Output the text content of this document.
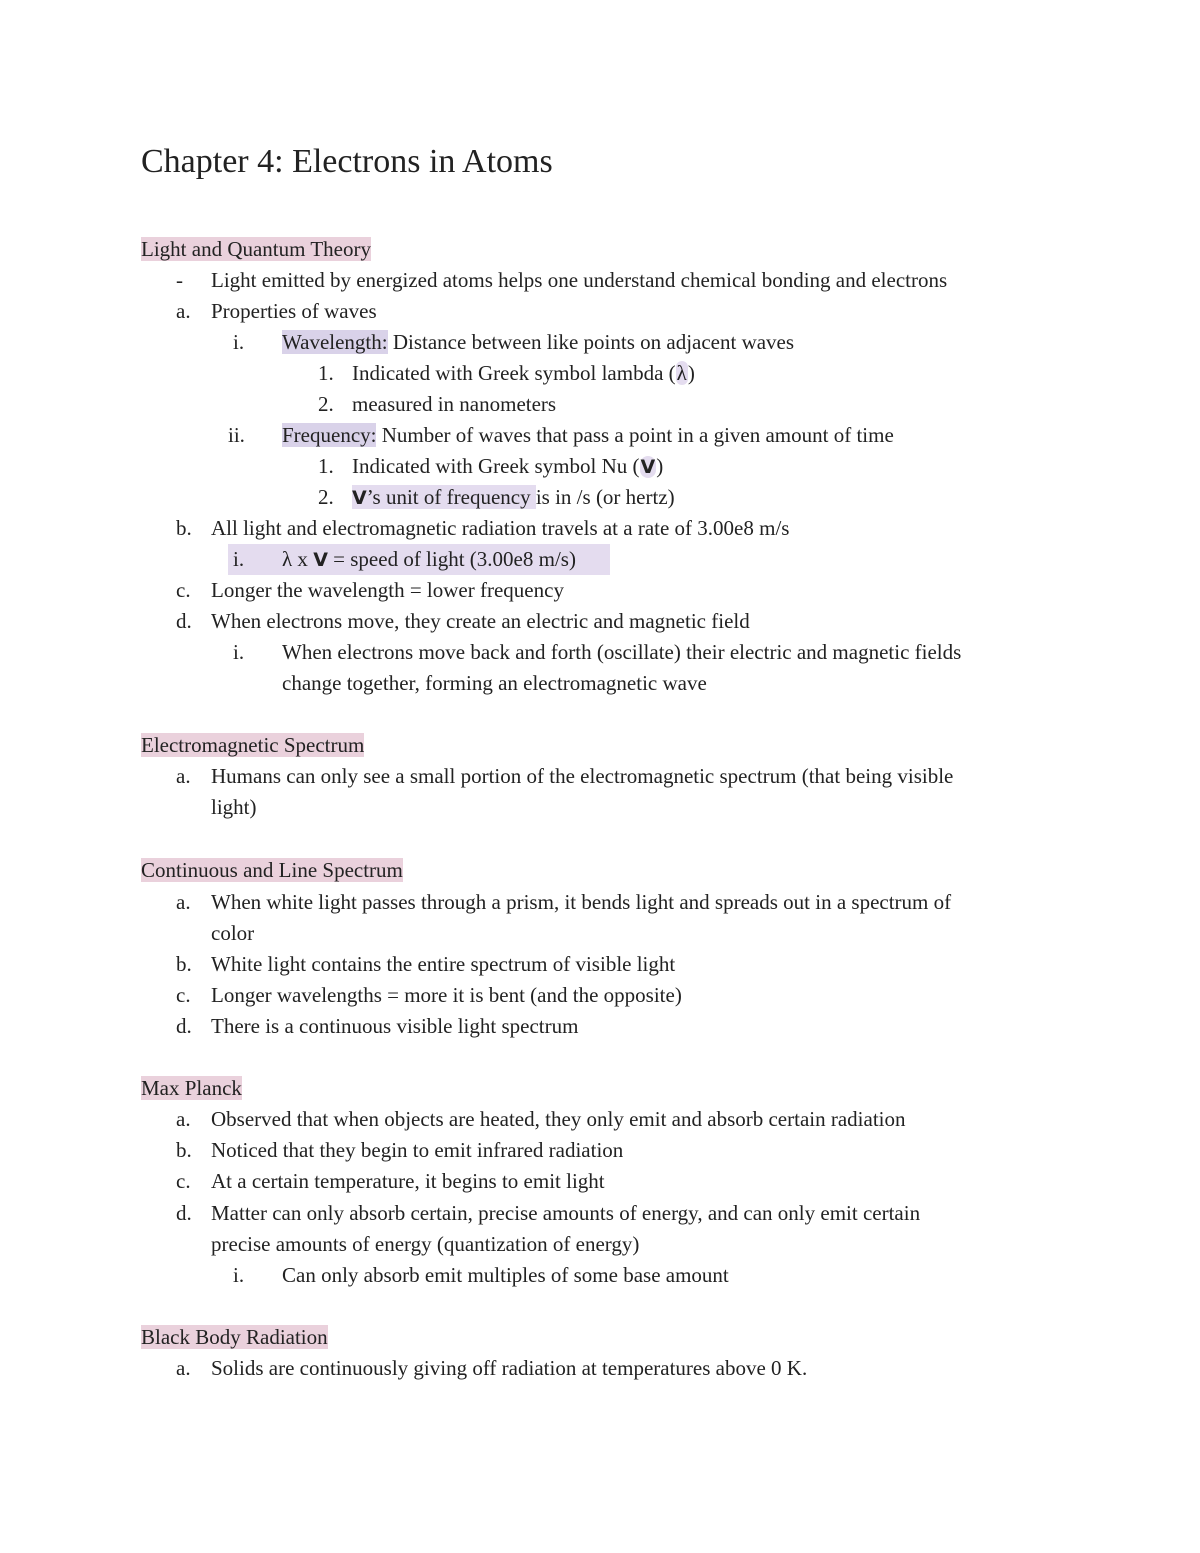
Chapter 4: Electrons in Atoms
Light and Quantum Theory
- Light emitted by energized atoms helps one understand chemical bonding and electrons
a. Properties of waves
i. Wavelength: Distance between like points on adjacent waves
1. Indicated with Greek symbol lambda (λ)
2. measured in nanometers
ii. Frequency: Number of waves that pass a point in a given amount of time
1. Indicated with Greek symbol Nu (V)
2. V’s unit of frequency is in /s (or hertz)
b. All light and electromagnetic radiation travels at a rate of 3.00e8 m/s
i. λ x V = speed of light (3.00e8 m/s)
c. Longer the wavelength = lower frequency
d. When electrons move, they create an electric and magnetic field
i. When electrons move back and forth (oscillate) their electric and magnetic fields
change together, forming an electromagnetic wave
Electromagnetic Spectrum
a. Humans can only see a small portion of the electromagnetic spectrum (that being visible
light)
Continuous and Line Spectrum
a. When white light passes through a prism, it bends light and spreads out in a spectrum of
color
b. White light contains the entire spectrum of visible light
c. Longer wavelengths = more it is bent (and the opposite)
d. There is a continuous visible light spectrum
Max Planck
a. Observed that when objects are heated, they only emit and absorb certain radiation
b. Noticed that they begin to emit infrared radiation
c. At a certain temperature, it begins to emit light
d. Matter can only absorb certain, precise amounts of energy, and can only emit certain
precise amounts of energy (quantization of energy)
i. Can only absorb emit multiples of some base amount
Black Body Radiation
a. Solids are continuously giving off radiation at temperatures above 0 K.
